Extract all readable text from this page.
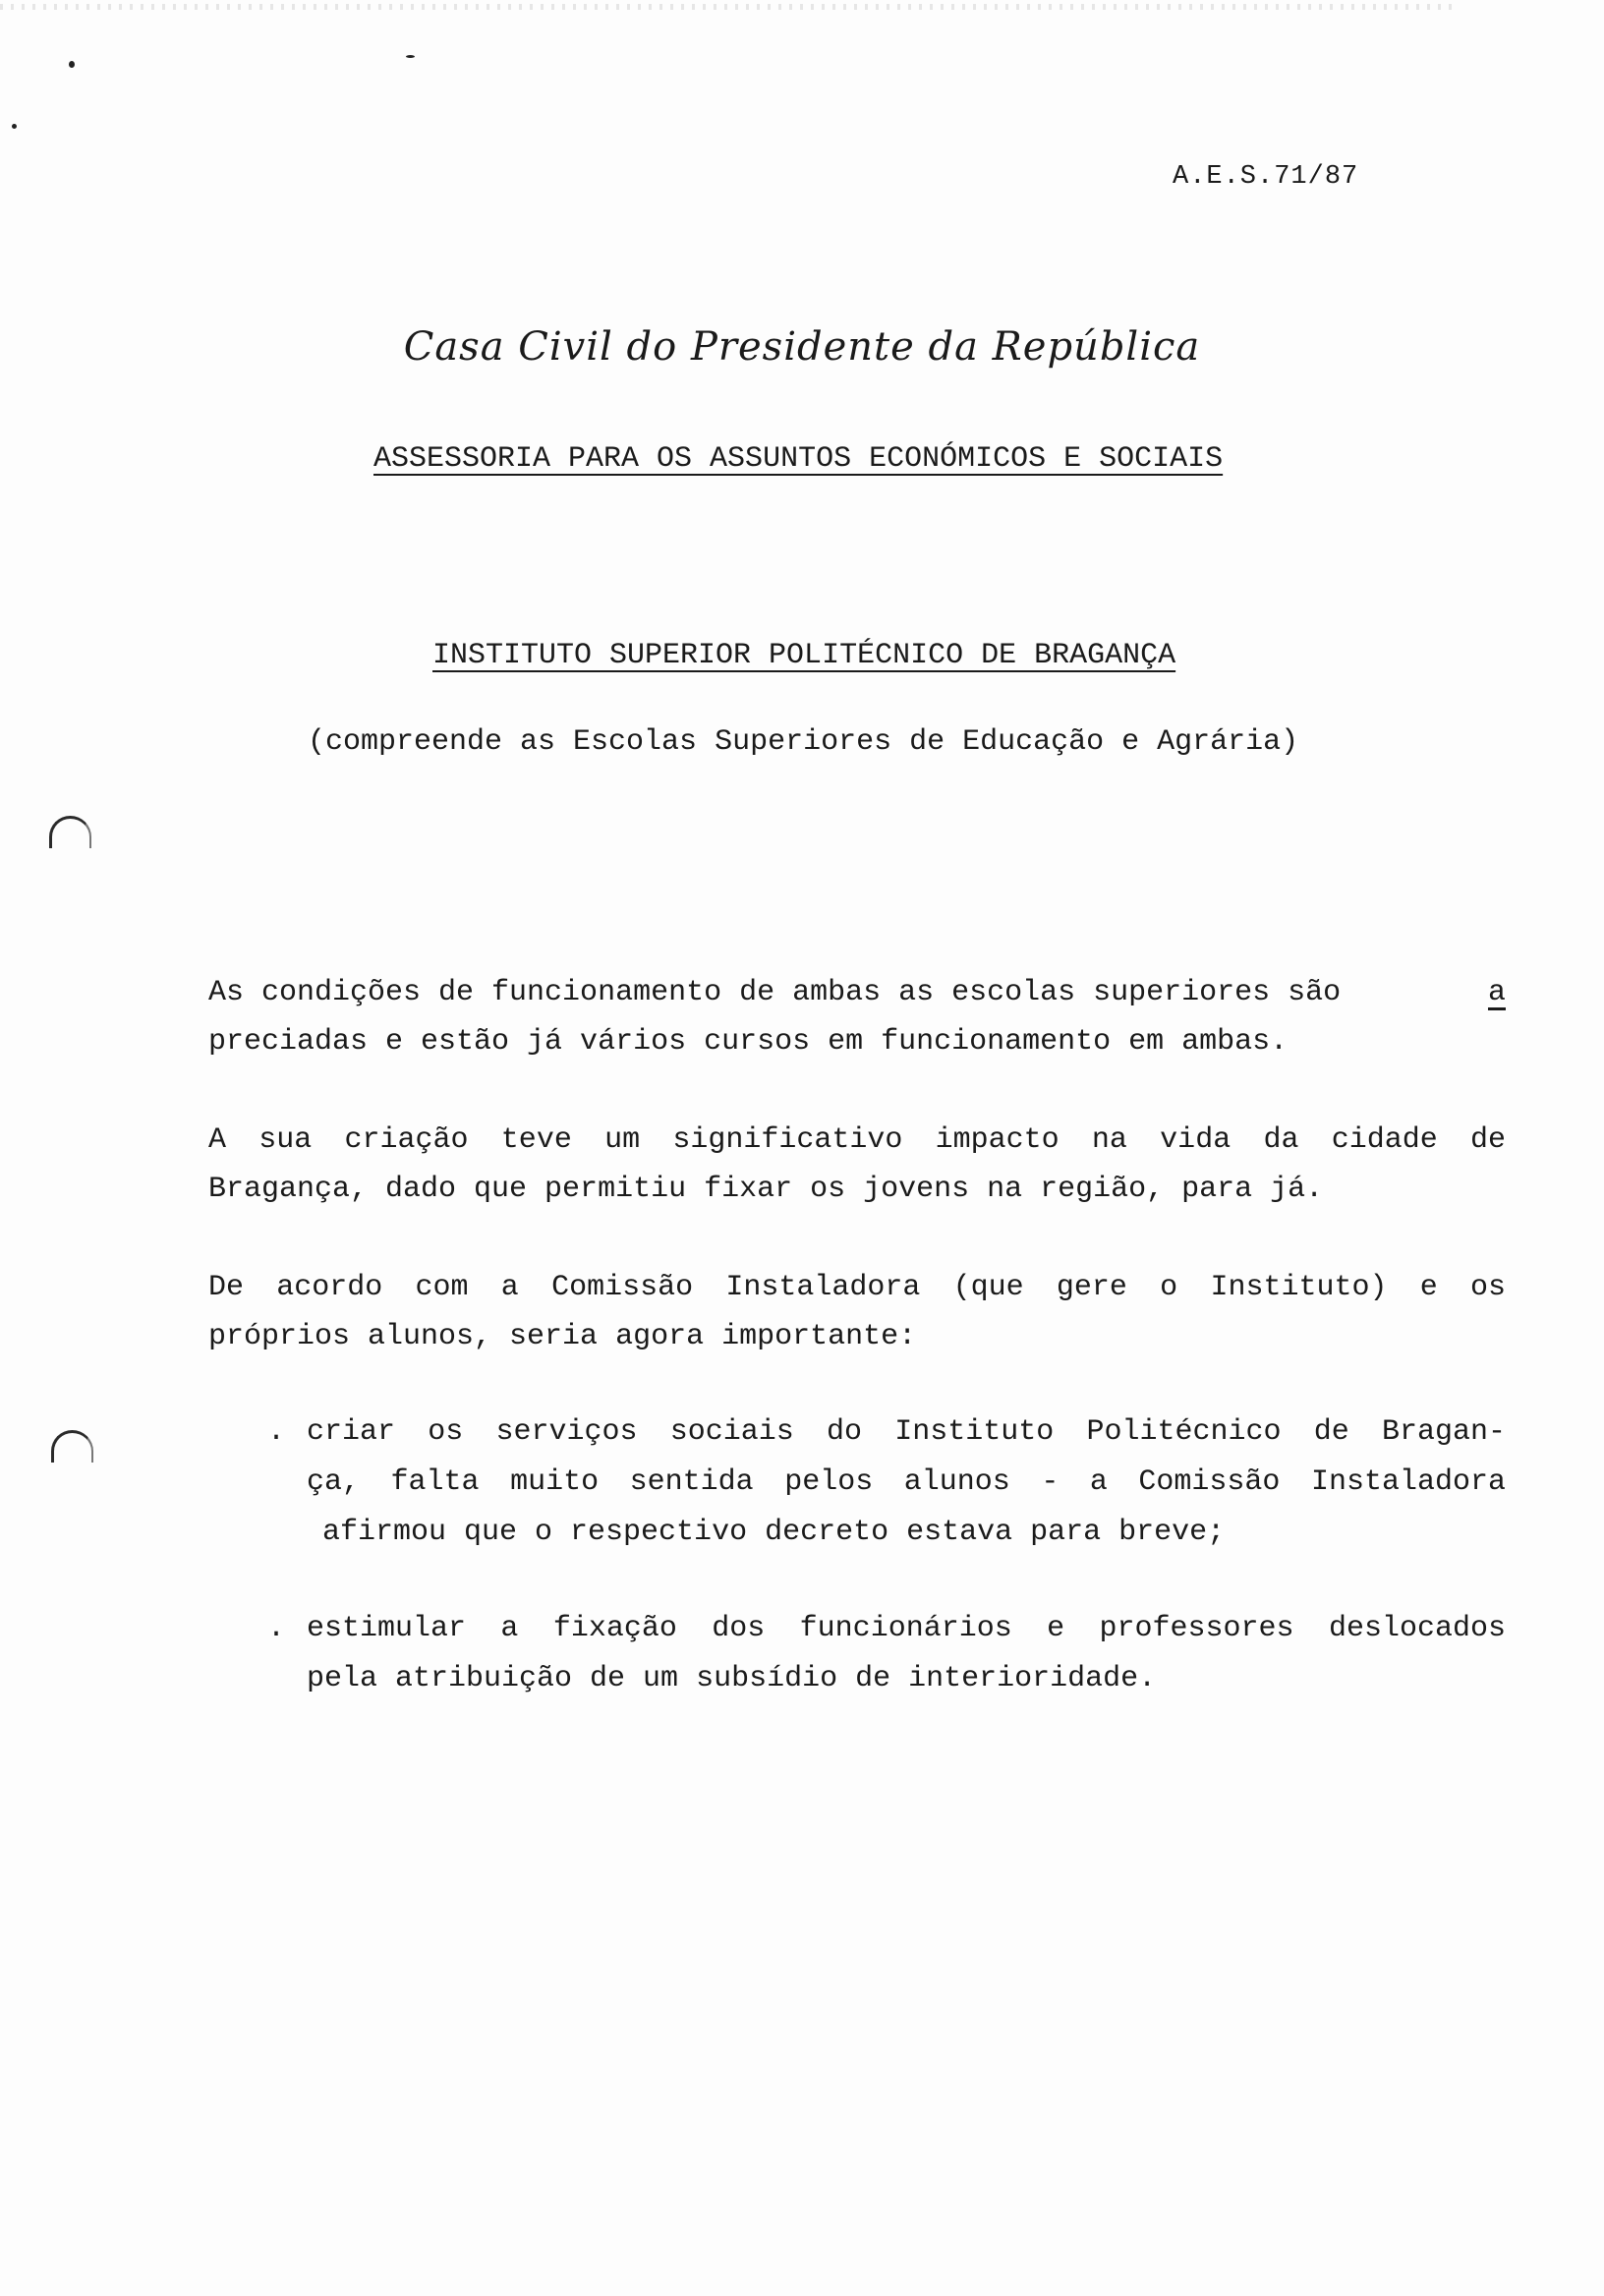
A.E.S.71/87
Casa Civil do Presidente da República
ASSESSORIA PARA OS ASSUNTOS ECONÓMICOS E SOCIAIS
INSTITUTO SUPERIOR POLITÉCNICO DE BRAGANÇA
(compreende as Escolas Superiores de Educação e Agrária)
As condições de funcionamento de ambas as escolas superiores são	a
preciadas e estão já vários cursos em funcionamento em ambas.
A sua criação teve um significativo impacto na vida da cidade de
Bragança, dado que permitiu fixar os jovens na região, para já.
De acordo com a Comissão Instaladora (que gere o Instituto) e os
próprios alunos, seria agora importante:
. criar os serviços sociais do Instituto Politécnico de Bragan-
ça, falta muito sentida pelos alunos - a Comissão Instaladora
afirmou que o respectivo decreto estava para breve;
. estimular a fixação dos funcionários e professores deslocados
pela atribuição de um subsídio de interioridade.
